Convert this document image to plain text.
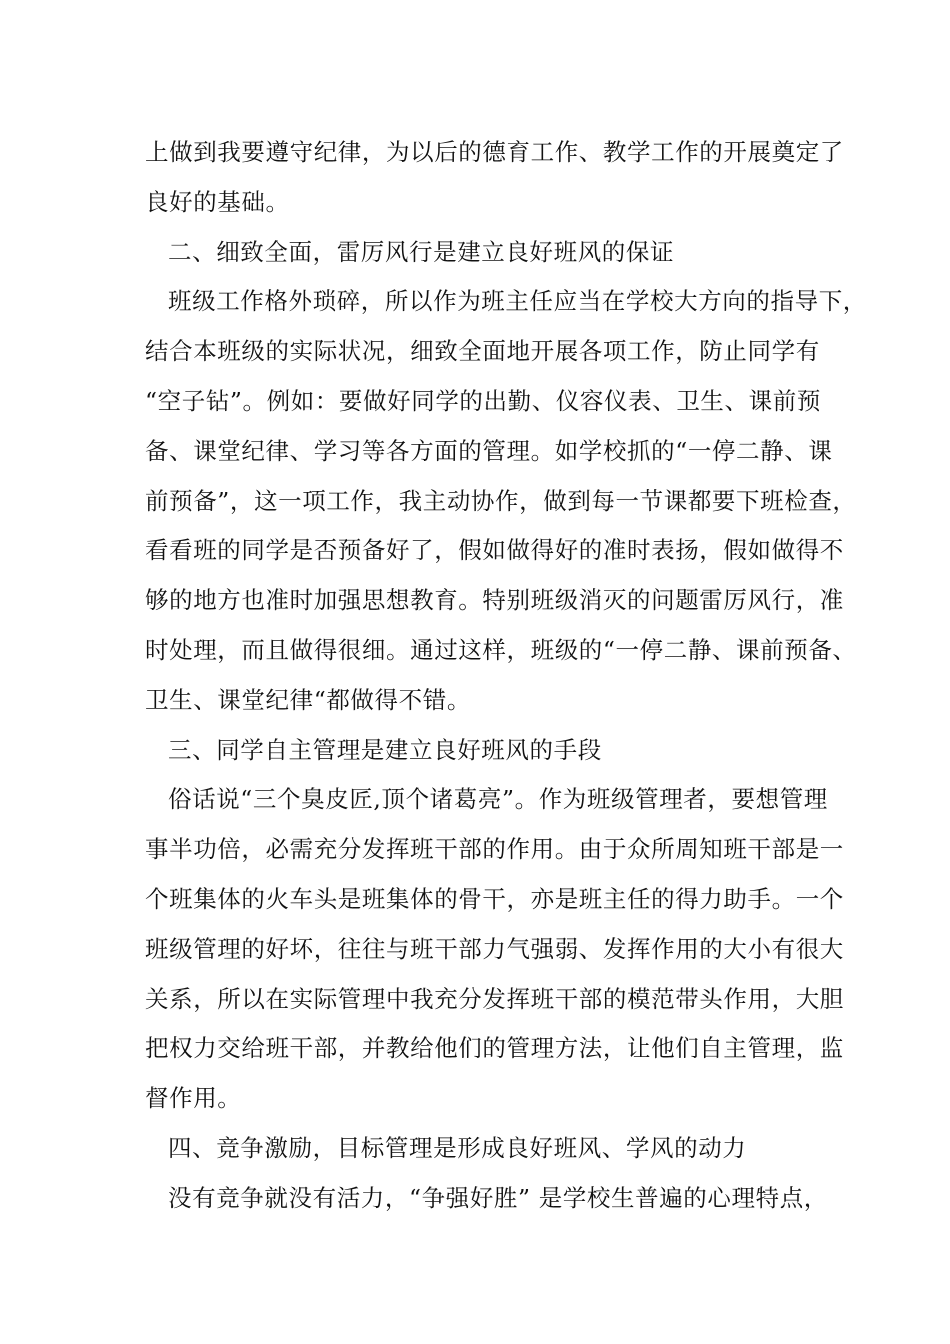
上做到我要遵守纪律，为以后的德育工作、教学工作的开展奠定了
良好的基础。
二、细致全面，雷厉风行是建立良好班风的保证
班级工作格外琐碎，所以作为班主任应当在学校大方向的指导下，
结合本班级的实际状况，细致全面地开展各项工作，防止同学有
“空子钻”。例如：要做好同学的出勤、仪容仪表、卫生、课前预
备、课堂纪律、学习等各方面的管理。如学校抓的“一停二静、课
前预备”，这一项工作，我主动协作，做到每一节课都要下班检查，
看看班的同学是否预备好了，假如做得好的准时表扬，假如做得不
够的地方也准时加强思想教育。特别班级消灭的问题雷厉风行，准
时处理，而且做得很细。通过这样，班级的“一停二静、课前预备、
卫生、课堂纪律“都做得不错。
三、同学自主管理是建立良好班风的手段
俗话说“三个臭皮匠,顶个诸葛亮”。作为班级管理者，要想管理
事半功倍，必需充分发挥班干部的作用。由于众所周知班干部是一
个班集体的火车头是班集体的骨干，亦是班主任的得力助手。一个
班级管理的好坏，往往与班干部力气强弱、发挥作用的大小有很大
关系，所以在实际管理中我充分发挥班干部的模范带头作用，大胆
把权力交给班干部，并教给他们的管理方法，让他们自主管理，监
督作用。
四、竞争激励，目标管理是形成良好班风、学风的动力
没有竞争就没有活力，“争强好胜” 是学校生普遍的心理特点，
